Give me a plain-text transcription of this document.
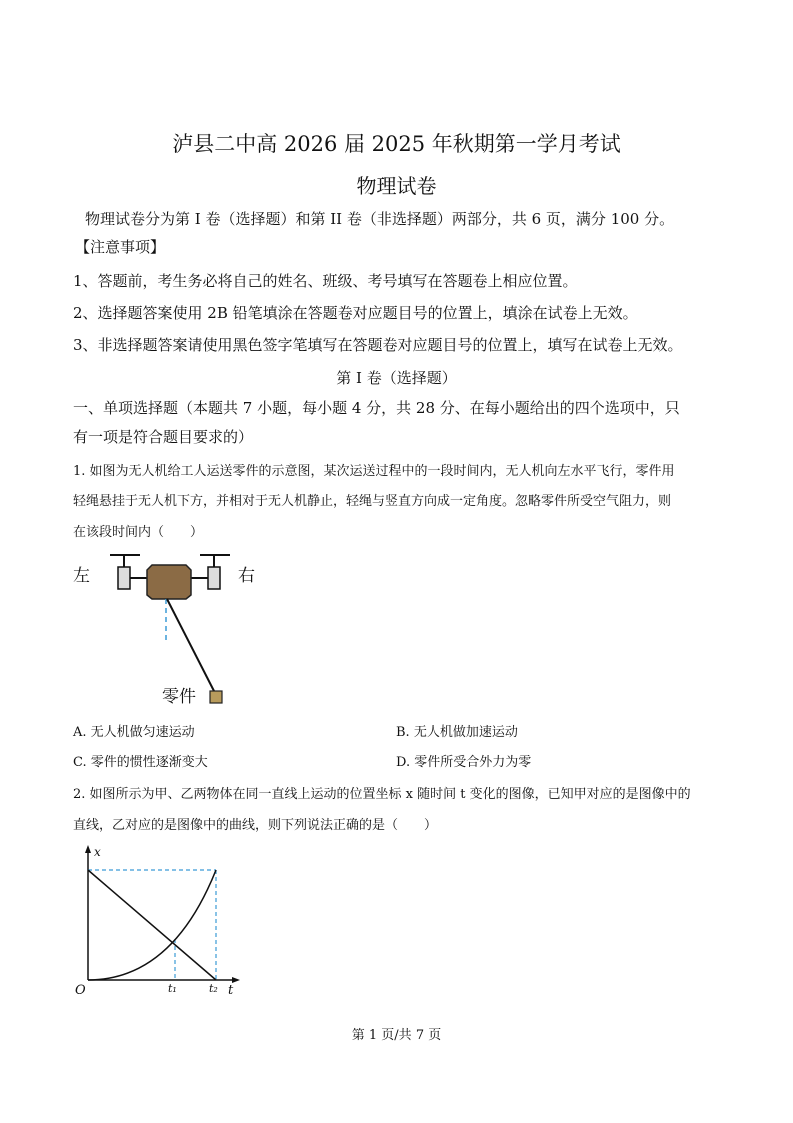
泸县二中高 2026 届 2025 年秋期第一学月考试
物理试卷
物理试卷分为第 I 卷（选择题）和第 II 卷（非选择题）两部分，共 6 页，满分 100 分。
【注意事项】
1、答题前，考生务必将自己的姓名、班级、考号填写在答题卷上相应位置。
2、选择题答案使用 2B 铅笔填涂在答题卷对应题目号的位置上，填涂在试卷上无效。
3、非选择题答案请使用黑色签字笔填写在答题卷对应题目号的位置上，填写在试卷上无效。
第 I 卷（选择题）
一、单项选择题（本题共 7 小题，每小题 4 分，共 28 分、在每小题给出的四个选项中，只
有一项是符合题目要求的）
1. 如图为无人机给工人运送零件的示意图，某次运送过程中的一段时间内，无人机向左水平飞行，零件用
轻绳悬挂于无人机下方，并相对于无人机静止，轻绳与竖直方向成一定角度。忽略零件所受空气阻力，则
在该段时间内（　　）
左	右
零件
A. 无人机做匀速运动	B. 无人机做加速运动
C. 零件的惯性逐渐变大	D. 零件所受合外力为零
2. 如图所示为甲、乙两物体在同一直线上运动的位置坐标 x 随时间 t 变化的图像，已知甲对应的是图像中的
直线，乙对应的是图像中的曲线，则下列说法正确的是（　　）
x
t
O	t₁	t₂
第 1 页/共 7 页
